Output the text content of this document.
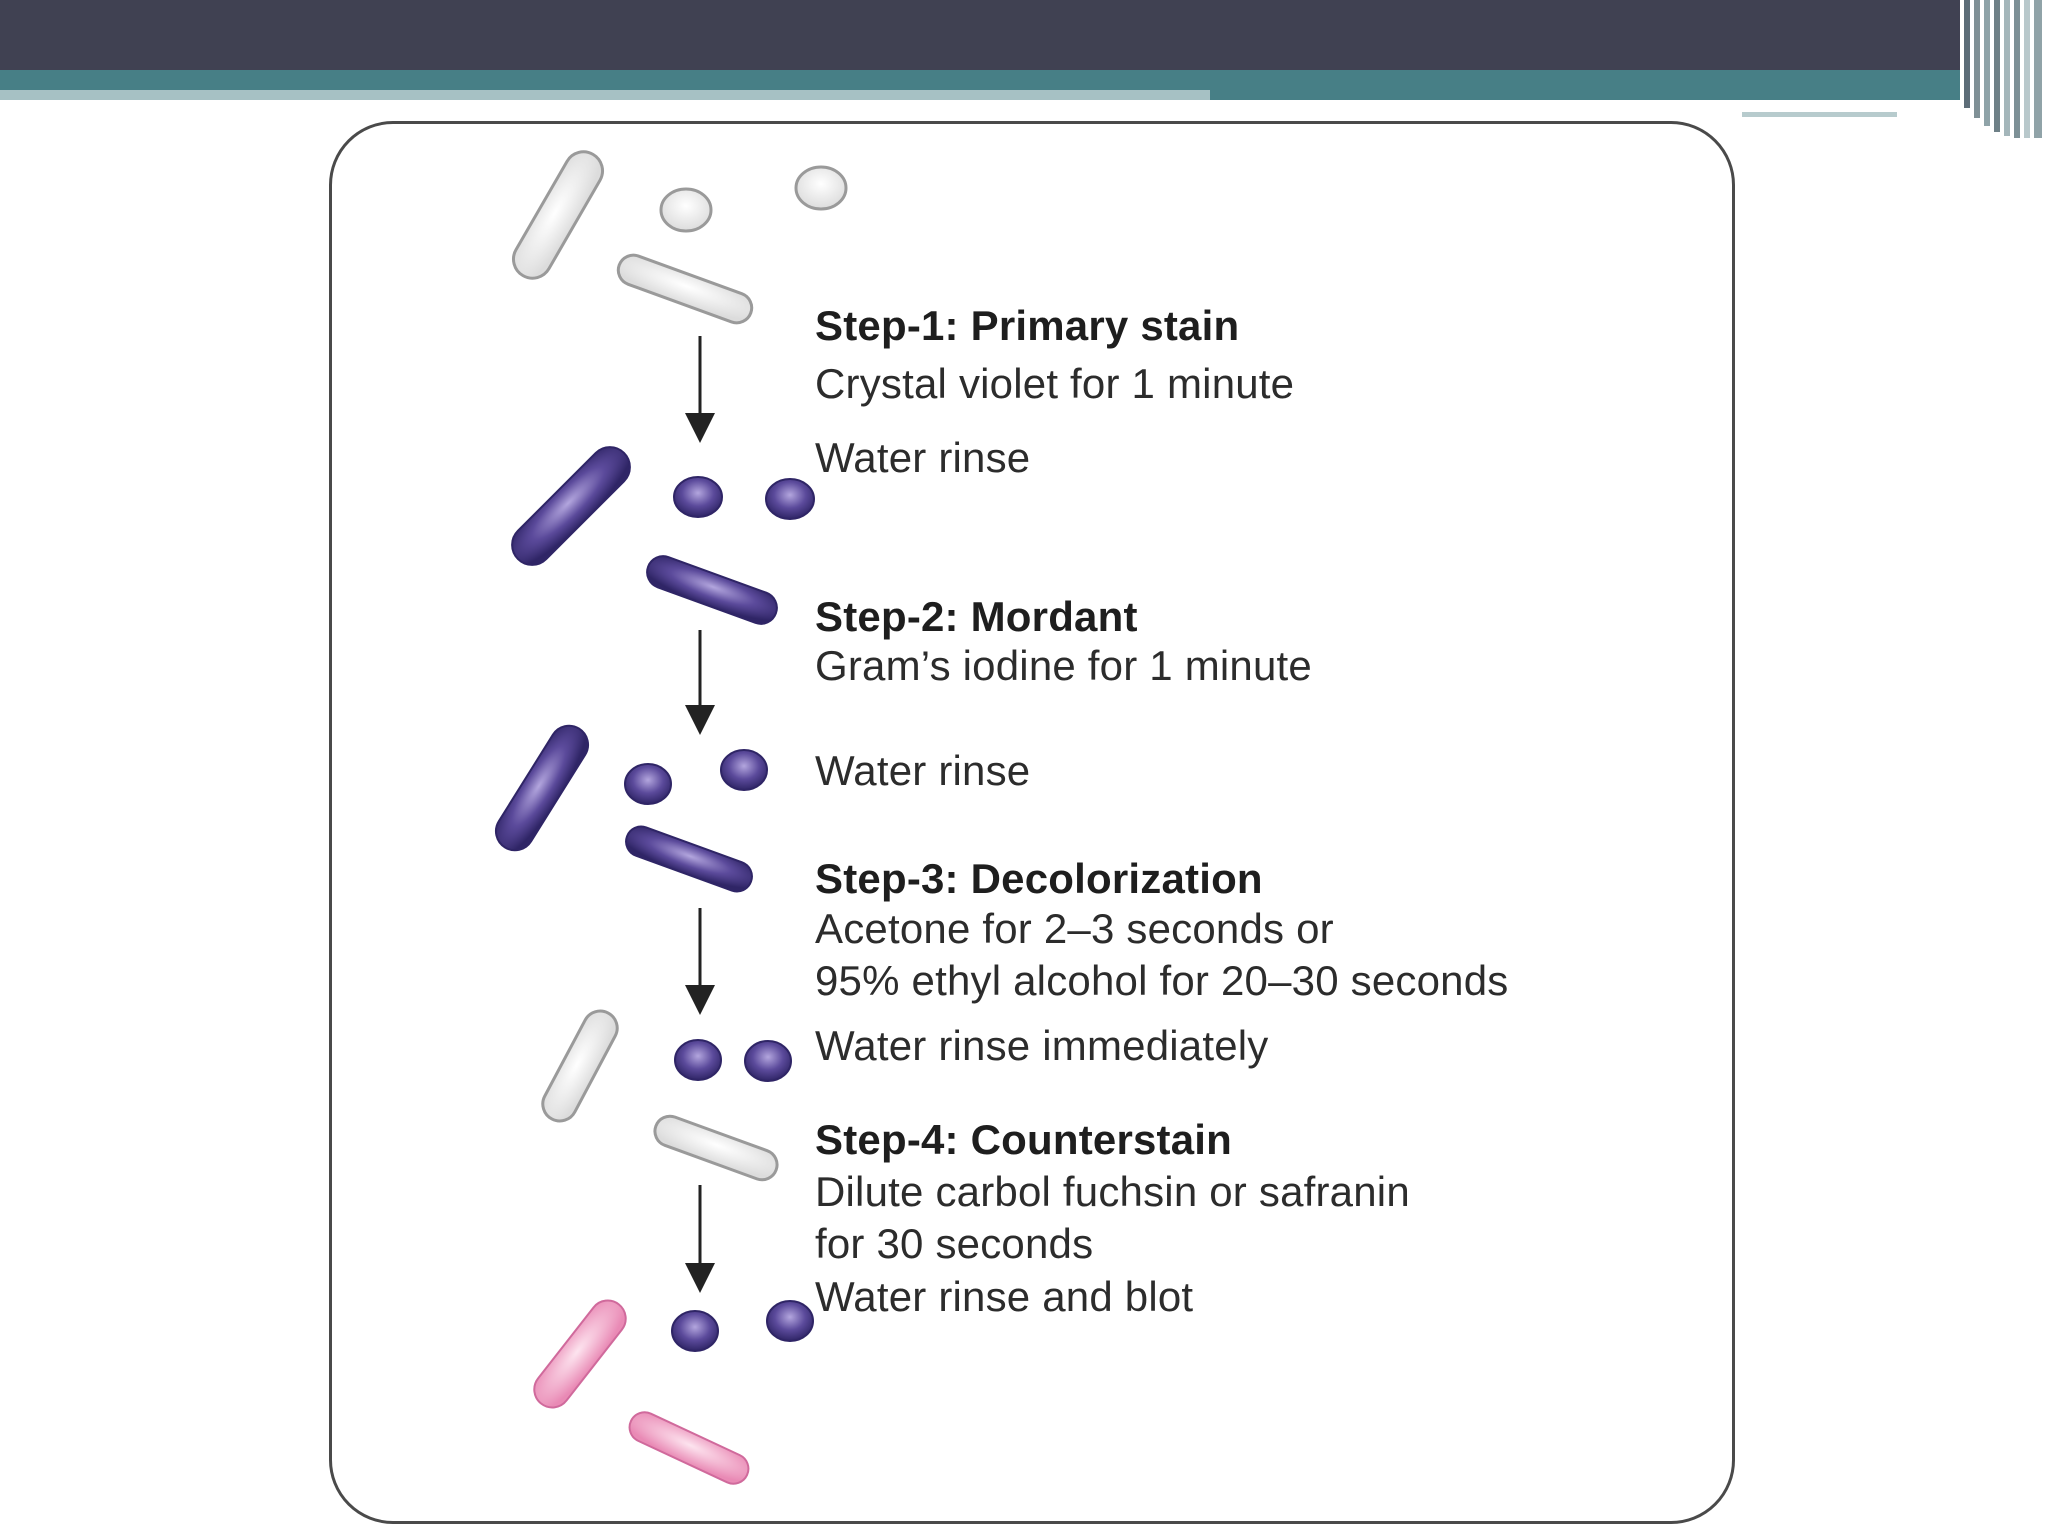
Step-1: Primary stain
Crystal violet for 1 minute
Water rinse
Step-2: Mordant
Gram’s iodine for 1 minute
Water rinse
Step-3: Decolorization
Acetone for 2–3 seconds or
95% ethyl alcohol for 20–30 seconds
Water rinse immediately
Step-4: Counterstain
Dilute carbol fuchsin or safranin
for 30 seconds
Water rinse and blot
